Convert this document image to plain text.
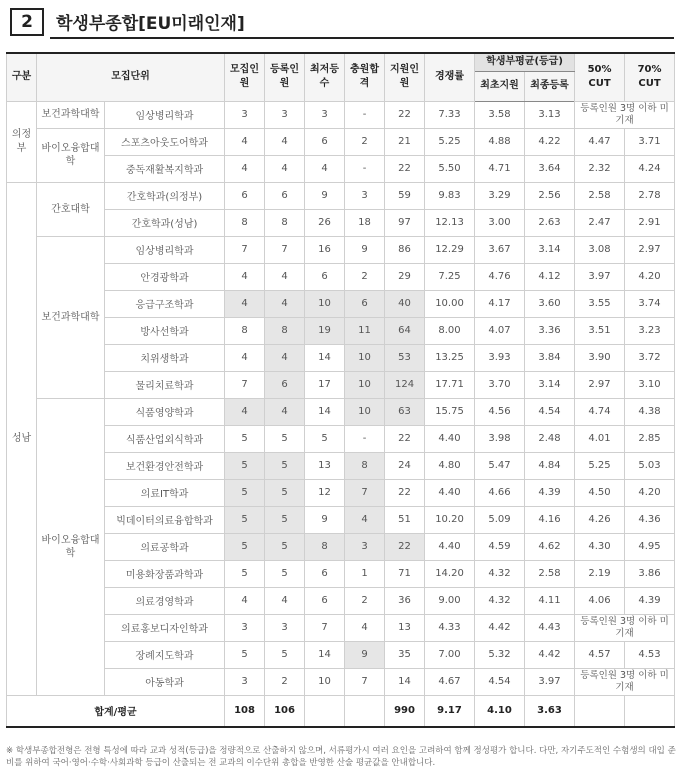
2	학생부종합[EU미래인재]
구분	모집단위		모집인원	등록인원	최저등수	충원합격	지원인원	경쟁률	학생부평균(등급)		50% CUT	70% CUT
									최초지원	최종등록		
의정부	보건과학대학	임상병리학과	3	3	3	-	22	7.33	3.58	3.13	등록인원 3명 이하 미기재	
	바이오융합대학	스포츠아웃도어학과	4	4	6	2	21	5.25	4.88	4.22	4.47	3.71
		중독재활복지학과	4	4	4	-	22	5.50	4.71	3.64	2.32	4.24
성남	간호대학	간호학과(의정부)	6	6	9	3	59	9.83	3.29	2.56	2.58	2.78
		간호학과(성남)	8	8	26	18	97	12.13	3.00	2.63	2.47	2.91
	보건과학대학	임상병리학과	7	7	16	9	86	12.29	3.67	3.14	3.08	2.97
		안경광학과	4	4	6	2	29	7.25	4.76	4.12	3.97	4.20
		응급구조학과	4	4	10	6	40	10.00	4.17	3.60	3.55	3.74
		방사선학과	8	8	19	11	64	8.00	4.07	3.36	3.51	3.23
		치위생학과	4	4	14	10	53	13.25	3.93	3.84	3.90	3.72
		물리치료학과	7	6	17	10	124	17.71	3.70	3.14	2.97	3.10
	바이오융합대학	식품영양학과	4	4	14	10	63	15.75	4.56	4.54	4.74	4.38
		식품산업외식학과	5	5	5	-	22	4.40	3.98	2.48	4.01	2.85
		보건환경안전학과	5	5	13	8	24	4.80	5.47	4.84	5.25	5.03
		의료IT학과	5	5	12	7	22	4.40	4.66	4.39	4.50	4.20
		빅데이터의료융합학과	5	5	9	4	51	10.20	5.09	4.16	4.26	4.36
		의료공학과	5	5	8	3	22	4.40	4.59	4.62	4.30	4.95
		미용화장품과학과	5	5	6	1	71	14.20	4.32	2.58	2.19	3.86
		의료경영학과	4	4	6	2	36	9.00	4.32	4.11	4.06	4.39
		의료홍보디자인학과	3	3	7	4	13	4.33	4.42	4.43	등록인원 3명 이하 미기재	
		장례지도학과	5	5	14	9	35	7.00	5.32	4.42	4.57	4.53
		아동학과	3	2	10	7	14	4.67	4.54	3.97	등록인원 3명 이하 미기재	
합계/평균			108	106			990	9.17	4.10	3.63		
※ 학생부종합전형은 전형 특성에 따라 교과 성적(등급)을 정량적으로 산출하지 않으며, 서류평가시 여러 요인을 고려하여 함께 정성평가 합니다. 다만, 자기주도적인 수험생의 대입 준비를 위하여 국어·영어·수학·사회과학 등급이 산출되는 전 교과의 이수단위 총합을 반영한 산술 평균값을 안내합니다.
